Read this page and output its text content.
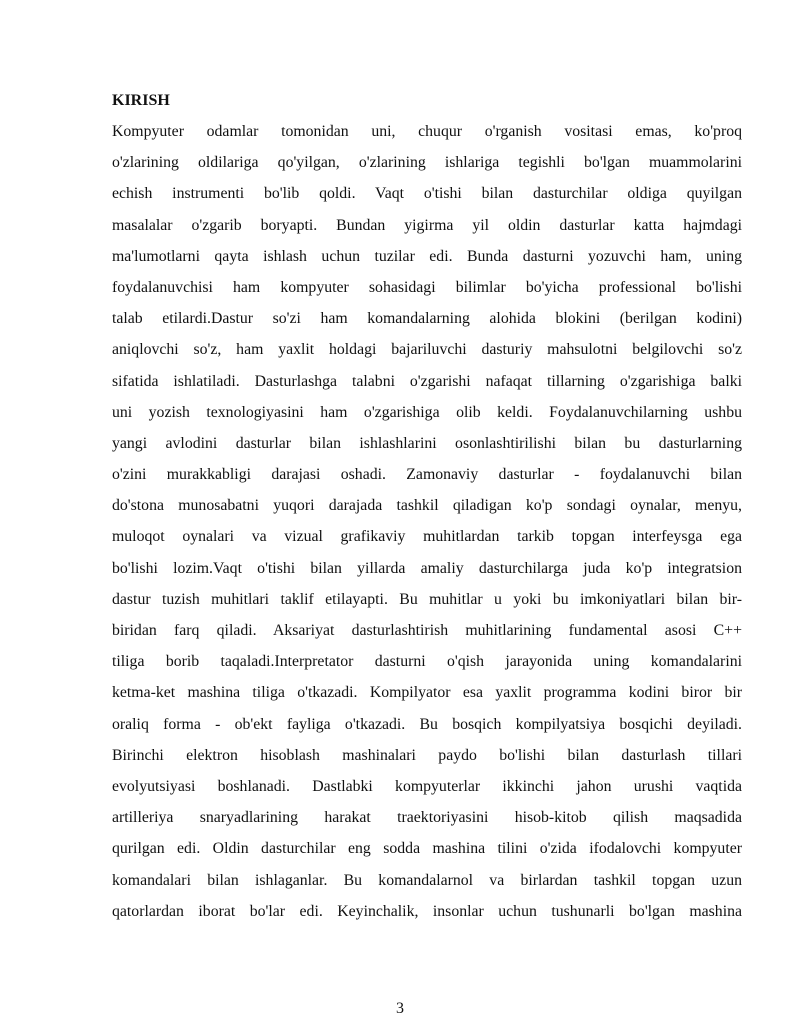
KIRISH
Kompyuter odamlar tomonidan uni, chuqur o'rganish vositasi emas, ko'proq
o'zlarining oldilariga qo'yilgan, o'zlarining ishlariga tegishli bo'lgan muammolarini
echish instrumenti bo'lib qoldi. Vaqt o'tishi bilan dasturchilar oldiga quyilgan
masalalar o'zgarib boryapti. Bundan yigirma yil oldin dasturlar katta hajmdagi
ma'lumotlarni qayta ishlash uchun tuzilar edi. Bunda dasturni yozuvchi ham, uning
foydalanuvchisi ham kompyuter sohasidagi bilimlar bo'yicha professional bo'lishi
talab etilardi.Dastur so'zi ham komandalarning alohida blokini (berilgan kodini)
aniqlovchi so'z, ham yaxlit holdagi bajariluvchi dasturiy mahsulotni belgilovchi so'z
sifatida ishlatiladi. Dasturlashga talabni o'zgarishi nafaqat tillarning o'zgarishiga balki
uni yozish texnologiyasini ham o'zgarishiga olib keldi. Foydalanuvchilarning ushbu
yangi avlodini dasturlar bilan ishlashlarini osonlashtirilishi bilan bu dasturlarning
o'zini murakkabligi darajasi oshadi. Zamonaviy dasturlar - foydalanuvchi bilan
do'stona munosabatni yuqori darajada tashkil qiladigan ko'p sondagi oynalar, menyu,
muloqot oynalari va vizual grafikaviy muhitlardan tarkib topgan interfeysga ega
bo'lishi lozim.Vaqt o'tishi bilan yillarda amaliy dasturchilarga juda ko'p integratsion
dastur tuzish muhitlari taklif etilayapti. Bu muhitlar u yoki bu imkoniyatlari bilan bir-
biridan farq qiladi. Aksariyat dasturlashtirish muhitlarining fundamental asosi C++
tiliga borib taqaladi.Interpretator dasturni o'qish jarayonida uning komandalarini
ketma-ket mashina tiliga o'tkazadi. Kompilyator esa yaxlit programma kodini biror bir
oraliq forma - ob'ekt fayliga o'tkazadi. Bu bosqich kompilyatsiya bosqichi deyiladi.
Birinchi elektron hisoblash mashinalari paydo bo'lishi bilan dasturlash tillari
evolyutsiyasi boshlanadi. Dastlabki kompyuterlar ikkinchi jahon urushi vaqtida
artilleriya snaryadlarining harakat traektoriyasini hisob-kitob qilish maqsadida
qurilgan edi. Oldin dasturchilar eng sodda mashina tilini o'zida ifodalovchi kompyuter
komandalari bilan ishlaganlar. Bu komandalarnol va birlardan tashkil topgan uzun
qatorlardan iborat bo'lar edi. Keyinchalik, insonlar uchun tushunarli bo'lgan mashina
3
